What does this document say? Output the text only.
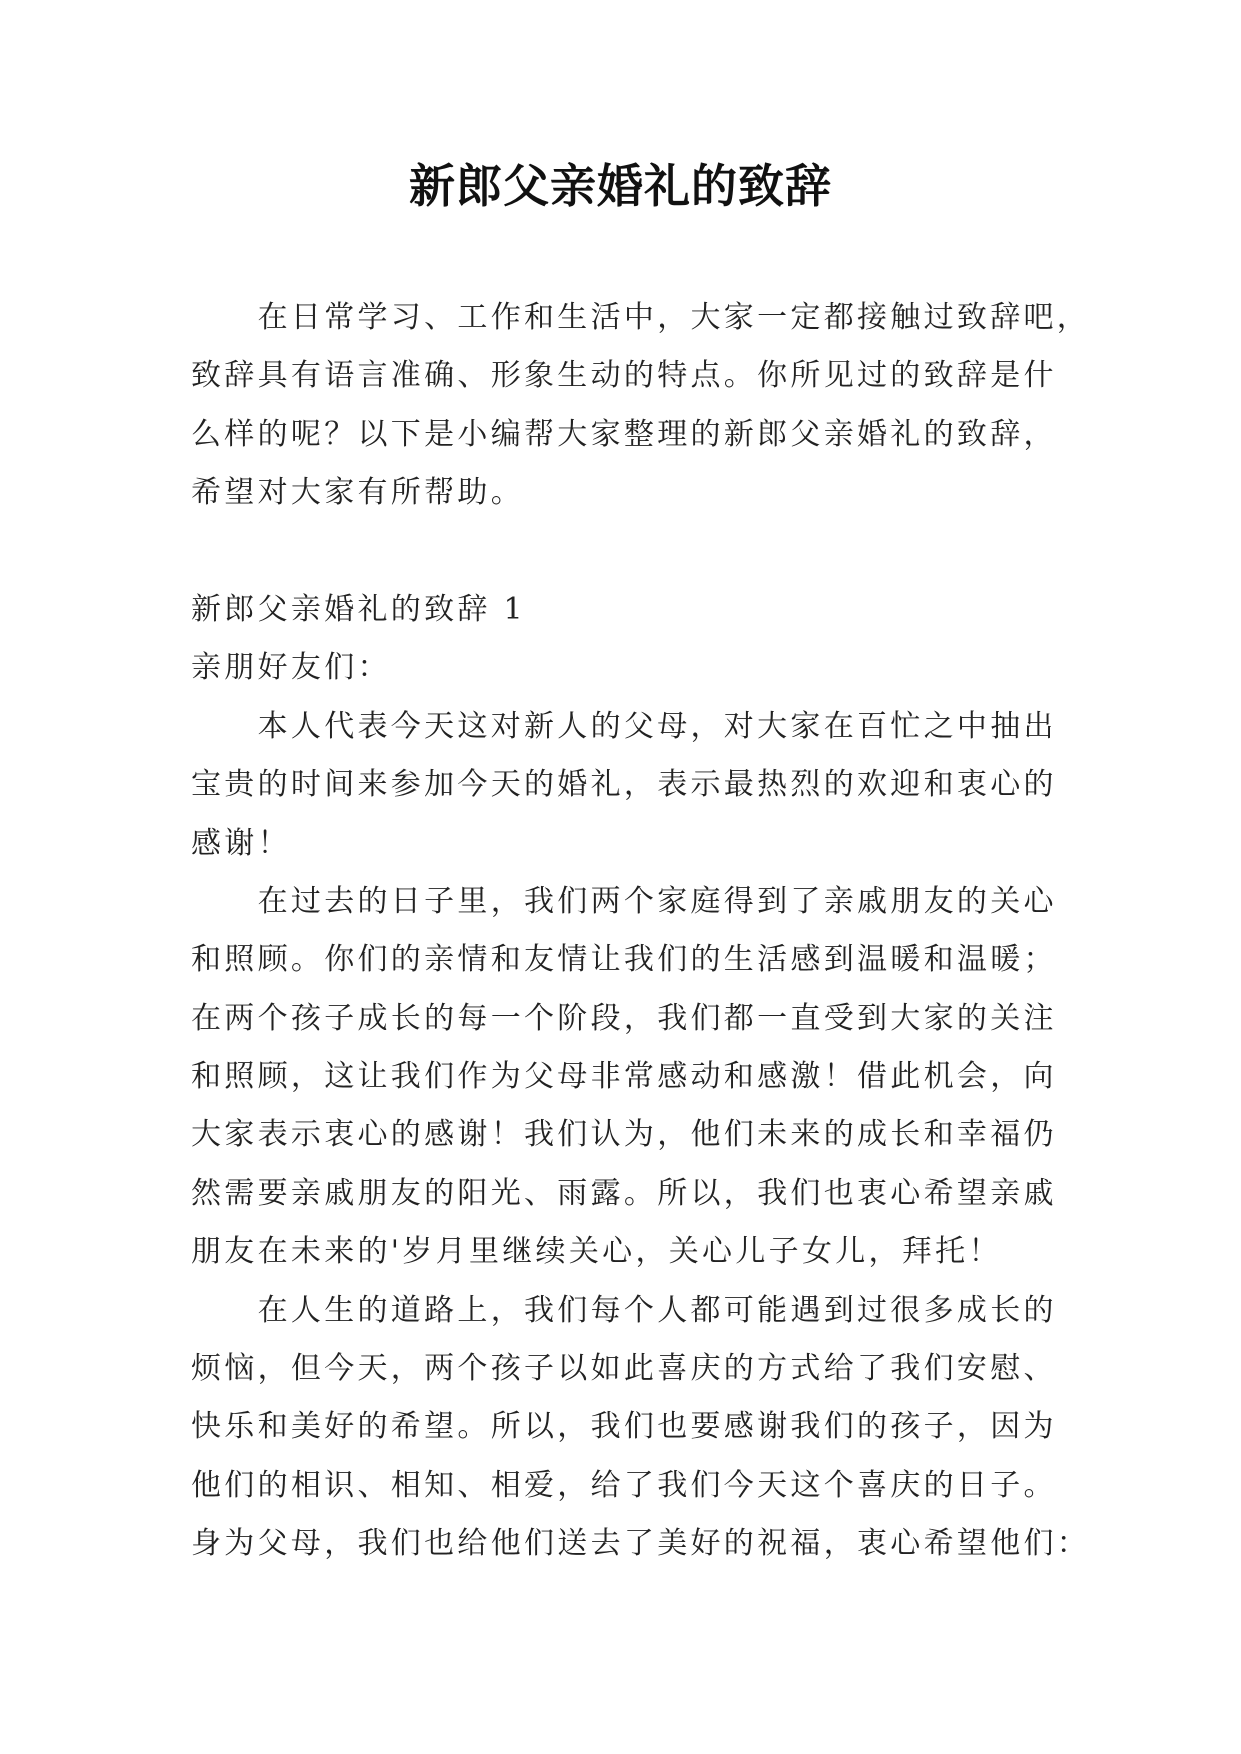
新郎父亲婚礼的致辞
在日常学习、工作和生活中，大家一定都接触过致辞吧，
致辞具有语言准确、形象生动的特点。你所见过的致辞是什
么样的呢？以下是小编帮大家整理的新郎父亲婚礼的致辞，
希望对大家有所帮助。
新郎父亲婚礼的致辞 1
亲朋好友们：
本人代表今天这对新人的父母，对大家在百忙之中抽出
宝贵的时间来参加今天的婚礼，表示最热烈的欢迎和衷心的
感谢！
在过去的日子里，我们两个家庭得到了亲戚朋友的关心
和照顾。你们的亲情和友情让我们的生活感到温暖和温暖；
在两个孩子成长的每一个阶段，我们都一直受到大家的关注
和照顾，这让我们作为父母非常感动和感激！借此机会，向
大家表示衷心的感谢！我们认为，他们未来的成长和幸福仍
然需要亲戚朋友的阳光、雨露。所以，我们也衷心希望亲戚
朋友在未来的'岁月里继续关心，关心儿子女儿，拜托！
在人生的道路上，我们每个人都可能遇到过很多成长的
烦恼，但今天，两个孩子以如此喜庆的方式给了我们安慰、
快乐和美好的希望。所以，我们也要感谢我们的孩子，因为
他们的相识、相知、相爱，给了我们今天这个喜庆的日子。
身为父母，我们也给他们送去了美好的祝福，衷心希望他们：
